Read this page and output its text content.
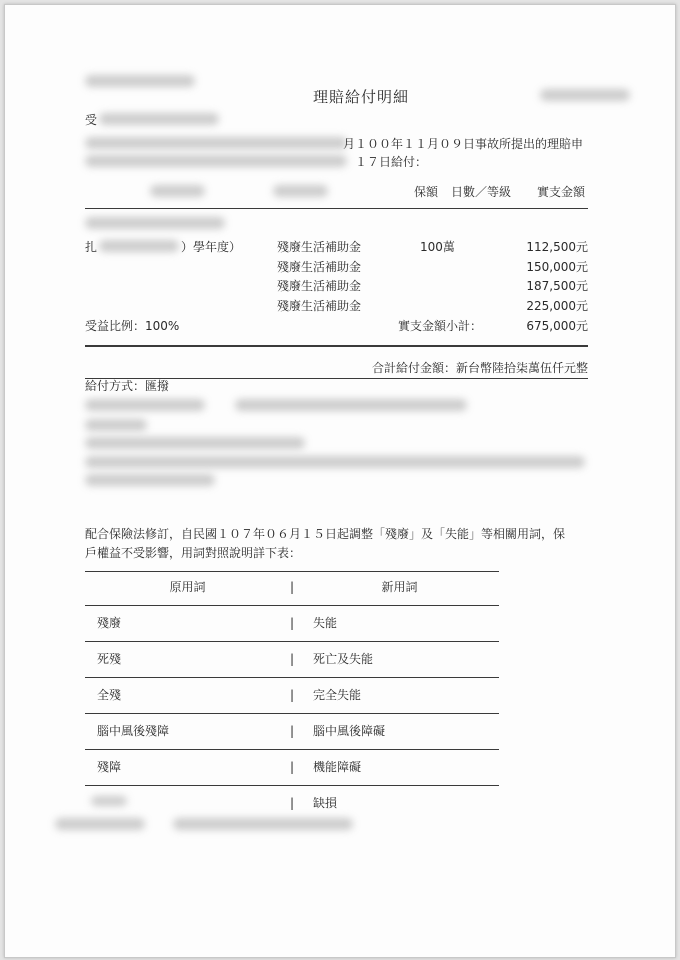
理賠給付明細
受
月１００年１１月０９日事故所提出的理賠申
１７日給付：
保額 日數／等級 實支金額
扎	）學年度）	殘廢生活補助金	100萬	112,500元
殘廢生活補助金	150,000元
殘廢生活補助金	187,500元
殘廢生活補助金	225,000元
受益比例：100%	實支金額小計：	675,000元
合計給付金額：新台幣陸拾柒萬伍仟元整
給付方式：匯撥
配合保險法修訂，自民國１０７年０６月１５日起調整「殘廢」及「失能」等相關用詞，保
戶權益不受影響，用詞對照說明詳下表：
原用詞	|	新用詞
殘廢	| 失能
死殘	| 死亡及失能
全殘	| 完全失能
腦中風後殘障	| 腦中風後障礙
殘障	| 機能障礙
| 缺損
